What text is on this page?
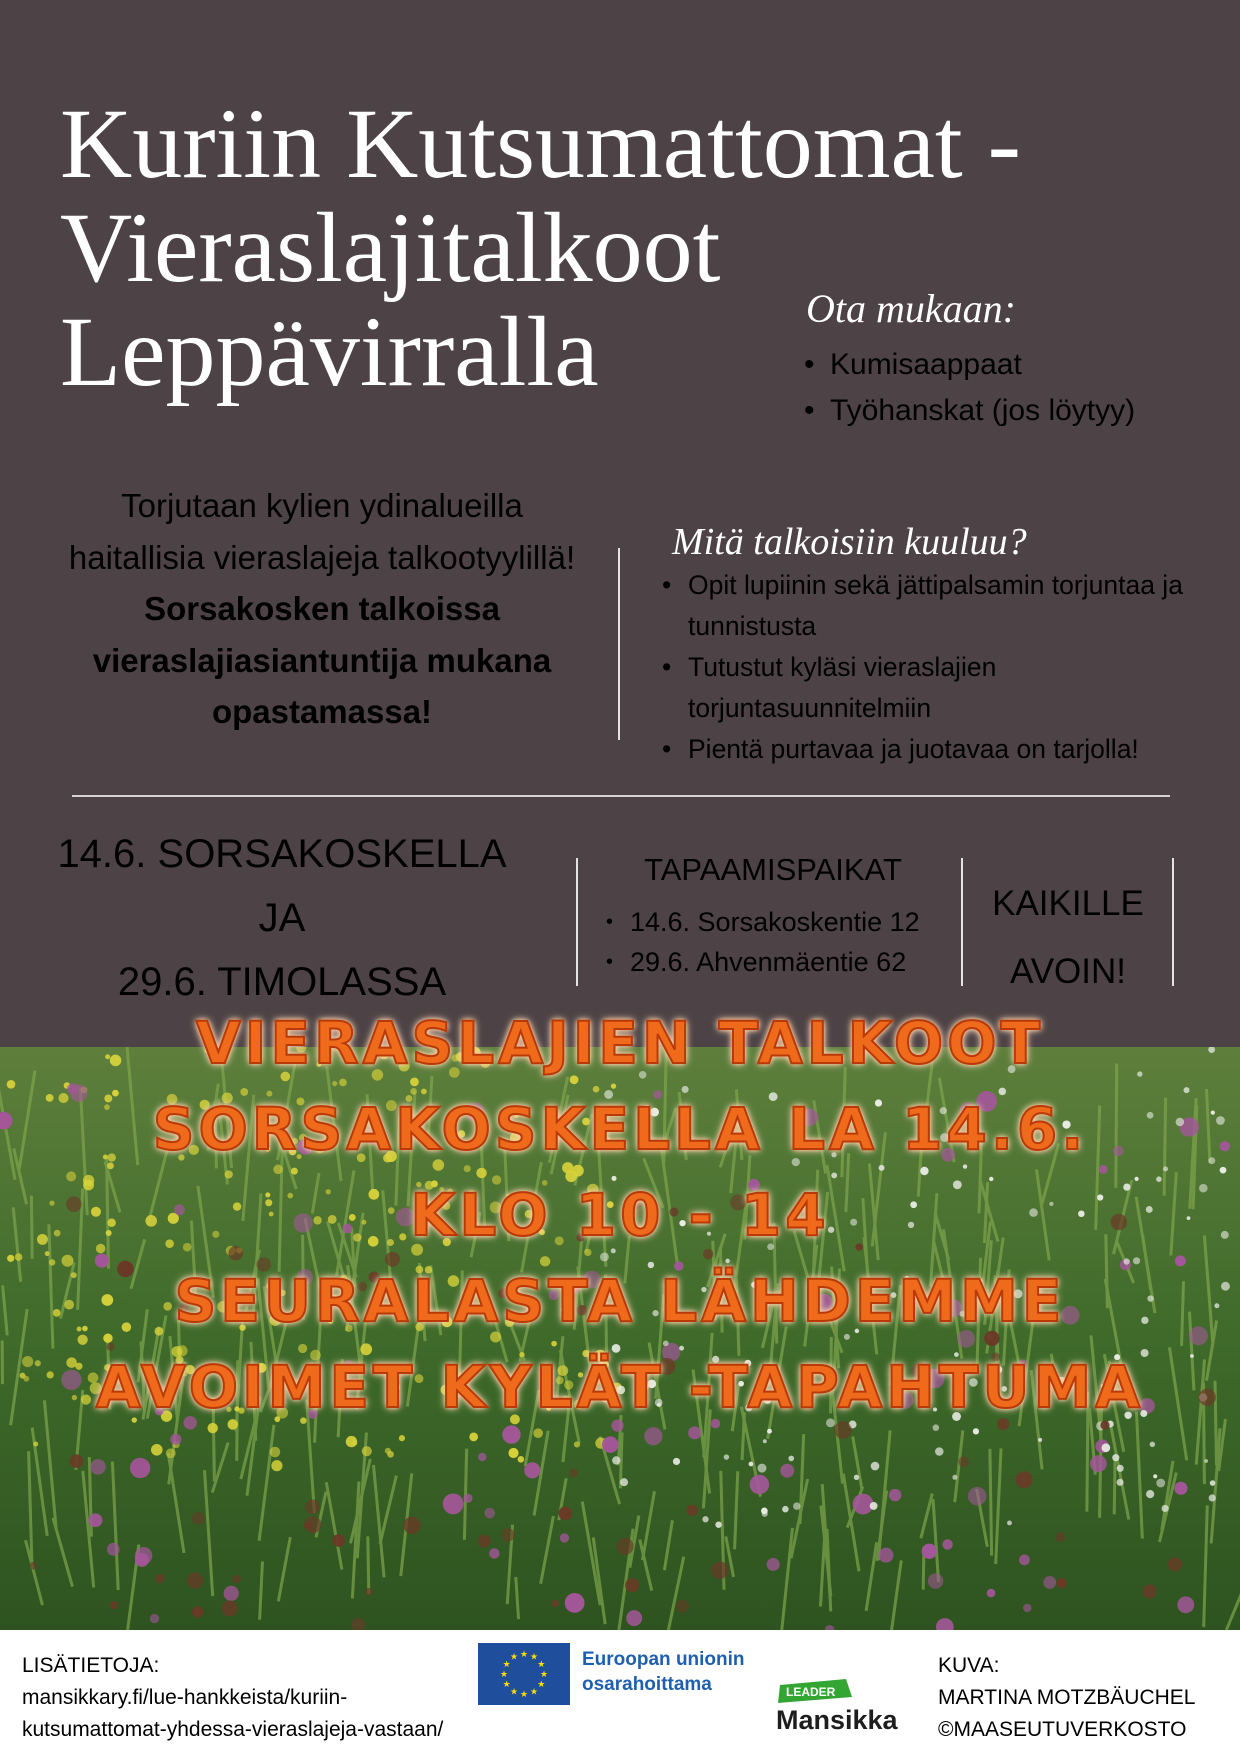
Kuriin Kutsumattomat -
Vieraslajitalkoot
Leppävirralla	Ota mukaan:
• Kumisaappaat
• Työhanskat (jos löytyy)
Torjutaan kylien ydinalueilla
haitallisia vieraslajeja talkootyylillä!
Sorsakosken talkoissa
vieraslajiasiantuntija mukana
opastamassa!
Mitä talkoisiin kuuluu?
• Opit lupiinin sekä jättipalsamin torjuntaa ja tunnistusta
• Tutustut kyläsi vieraslajien torjuntasuunnitelmiin
• Pientä purtavaa ja juotavaa on tarjolla!
14.6. SORSAKOSKELLA
JA
29.6. TIMOLASSA
TAPAAMISPAIKAT
• 14.6. Sorsakoskentie 12
• 29.6. Ahvenmäentie 62
KAIKILLE
AVOIN!
VIERASLAJIEN TALKOOT
SORSAKOSKELLA LA 14.6.
KLO 10 - 14
SEURALASTA LÄHDEMME
AVOIMET KYLÄT -TAPAHTUMA
LISÄTIETOJA:
mansikkary.fi/lue-hankkeista/kuriin-
kutsumattomat-yhdessa-vieraslajeja-vastaan/
★
★
★
★
★
★
★
★
★ ★ ★
★ Euroopan unionin
osarahoittama	LEADER
Mansikka
KUVA:
MARTINA MOTZBÄUCHEL
©MAASEUTUVERKOSTO
